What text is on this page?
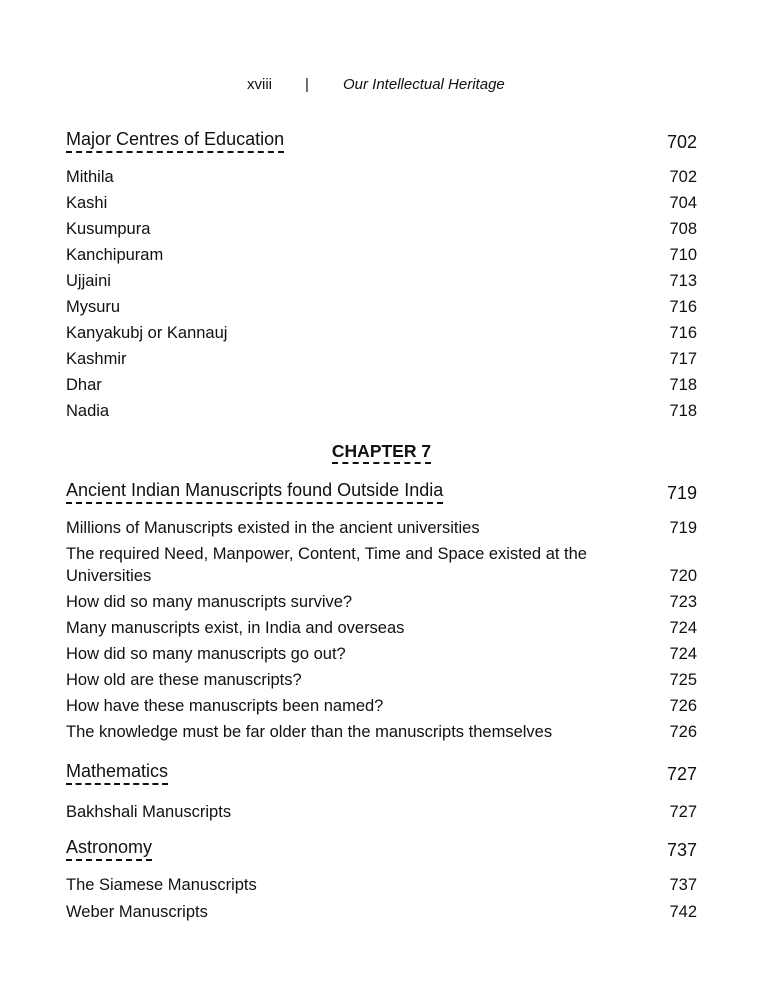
xviii | Our Intellectual Heritage
Major Centres of Education	702
Mithila	702
Kashi	704
Kusumpura	708
Kanchipuram	710
Ujjaini	713
Mysuru	716
Kanyakubj or Kannauj	716
Kashmir	717
Dhar	718
Nadia	718
CHAPTER 7
Ancient Indian Manuscripts found Outside India	719
Millions of Manuscripts existed in the ancient universities	719
The required Need, Manpower, Content, Time and Space existed at the Universities	720
How did so many manuscripts survive?	723
Many manuscripts exist, in India and overseas	724
How did so many manuscripts go out?	724
How old are these manuscripts?	725
How have these manuscripts been named?	726
The knowledge must be far older than the manuscripts themselves	726
Mathematics	727
Bakhshali Manuscripts	727
Astronomy	737
The Siamese Manuscripts	737
Weber Manuscripts	742
